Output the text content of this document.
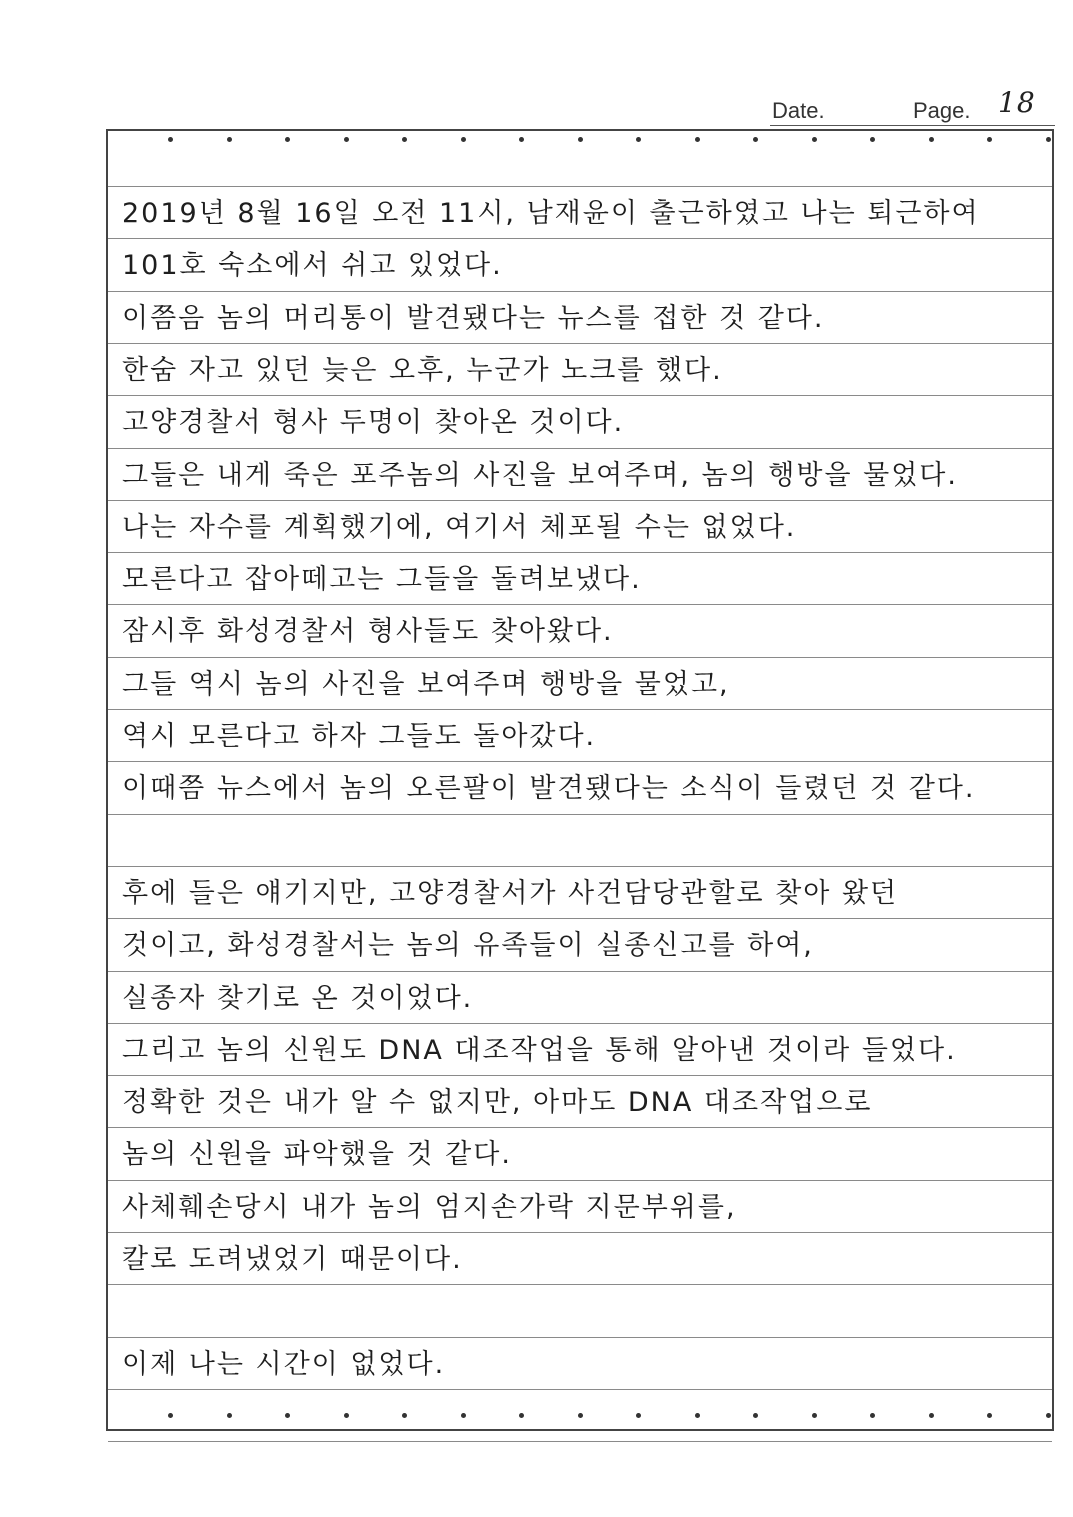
Date.	Page. 18
2019년 8월 16일 오전 11시, 남재윤이 출근하였고 나는 퇴근하여
101호 숙소에서 쉬고 있었다.
이쯤음 놈의 머리통이 발견됐다는 뉴스를 접한 것 같다.
한숨 자고 있던 늦은 오후, 누군가 노크를 했다.
고양경찰서 형사 두명이 찾아온 것이다.
그들은 내게 죽은 포주놈의 사진을 보여주며, 놈의 행방을 물었다.
나는 자수를 계획했기에, 여기서 체포될 수는 없었다.
모른다고 잡아떼고는 그들을 돌려보냈다.
잠시후 화성경찰서 형사들도 찾아왔다.
그들 역시 놈의 사진을 보여주며 행방을 물었고,
역시 모른다고 하자 그들도 돌아갔다.
이때쯤 뉴스에서 놈의 오른팔이 발견됐다는 소식이 들렸던 것 같다.
후에 들은 얘기지만, 고양경찰서가 사건담당관할로 찾아 왔던
것이고, 화성경찰서는 놈의 유족들이 실종신고를 하여,
실종자 찾기로 온 것이었다.
그리고 놈의 신원도 DNA 대조작업을 통해 알아낸 것이라 들었다.
정확한 것은 내가 알 수 없지만, 아마도 DNA 대조작업으로
놈의 신원을 파악했을 것 같다.
사체훼손당시 내가 놈의 엄지손가락 지문부위를,
칼로 도려냈었기 때문이다.
이제 나는 시간이 없었다.
